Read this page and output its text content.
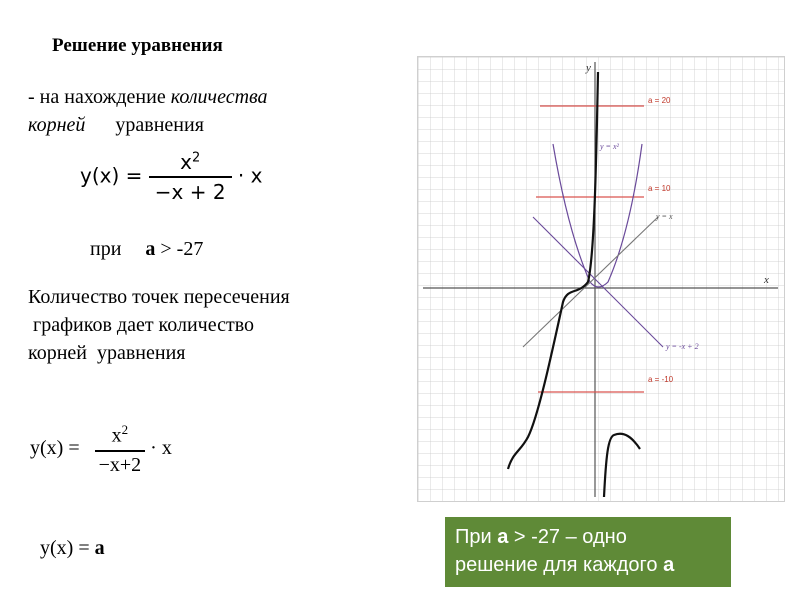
Решение уравнения
- на нахождение количества
корней уравнения
$y(x) = \frac{x^2}{-x + 2} \cdot x$
при а > -27
Количество точек пересечения
графиков дает количество
корней  уравнения
$y(x) = \frac{x^2}{-x+2} \cdot x$
y(x) = а
x
y
a = 20
a = 10
a = -10
y = x²
y = x
y = -x + 2
При а > -27 – одно
решение для каждого а
